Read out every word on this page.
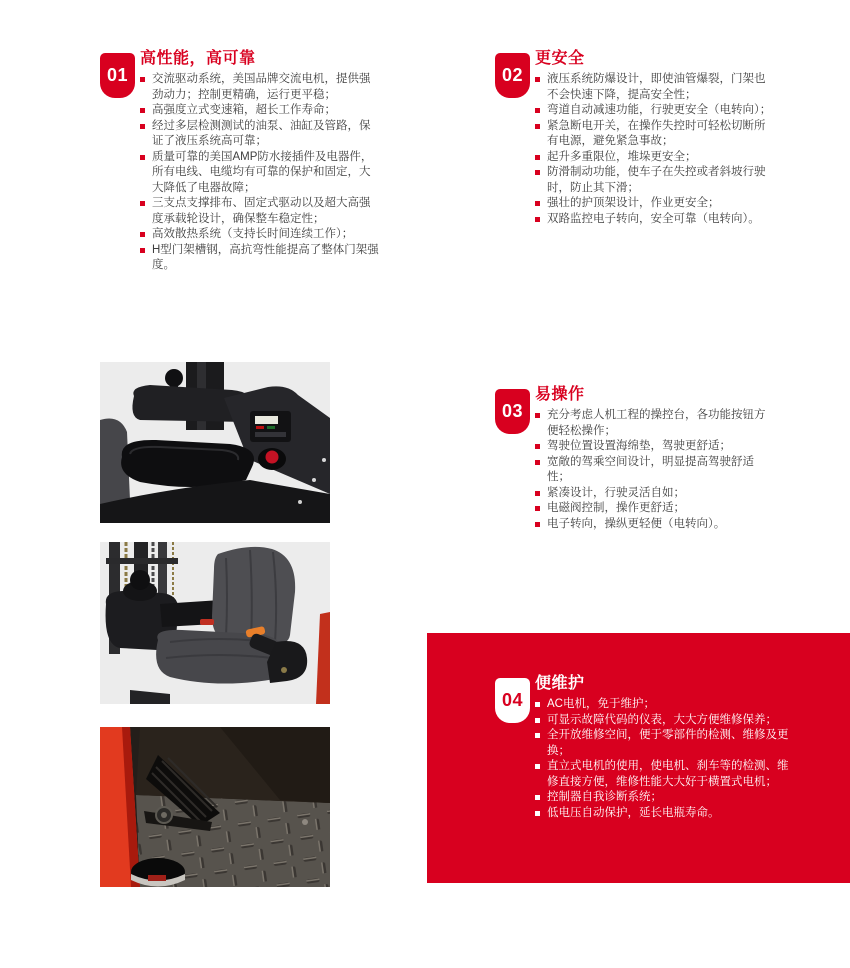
01
高性能，高可靠
交流驱动系统，美国品牌交流电机，提供强劲动力；控制更精确，运行更平稳；
高强度立式变速箱，超长工作寿命；
经过多层检测测试的油泵、油缸及管路，保证了液压系统高可靠；
质量可靠的美国AMP防水接插件及电器件，所有电线、电缆均有可靠的保护和固定，大大降低了电器故障；
三支点支撑排布、固定式驱动以及超大高强度承载轮设计，确保整车稳定性；
高效散热系统（支持长时间连续工作）；
H型门架槽钢，高抗弯性能提高了整体门架强度。
02
更安全
液压系统防爆设计，即使油管爆裂，门架也不会快速下降，提高安全性；
弯道自动减速功能，行驶更安全（电转向）；
紧急断电开关，在操作失控时可轻松切断所有电源，避免紧急事故；
起升多重限位，堆垛更安全；
防滑制动功能，使车子在失控或者斜坡行驶时，防止其下滑；
强壮的护顶架设计，作业更安全；
双路监控电子转向，安全可靠（电转向）。
03
易操作
充分考虑人机工程的操控台，各功能按钮方便轻松操作；
驾驶位置设置海绵垫，驾驶更舒适；
宽敞的驾乘空间设计，明显提高驾驶舒适性；
紧凑设计，行驶灵活自如；
电磁阀控制，操作更舒适；
电子转向，操纵更轻便（电转向）。
04
便维护
AC电机，免于维护；
可显示故障代码的仪表，大大方便维修保养；
全开放维修空间，便于零部件的检测、维修及更换；
直立式电机的使用，使电机、刹车等的检测、维修直接方便，维修性能大大好于横置式电机；
控制器自我诊断系统；
低电压自动保护，延长电瓶寿命。
